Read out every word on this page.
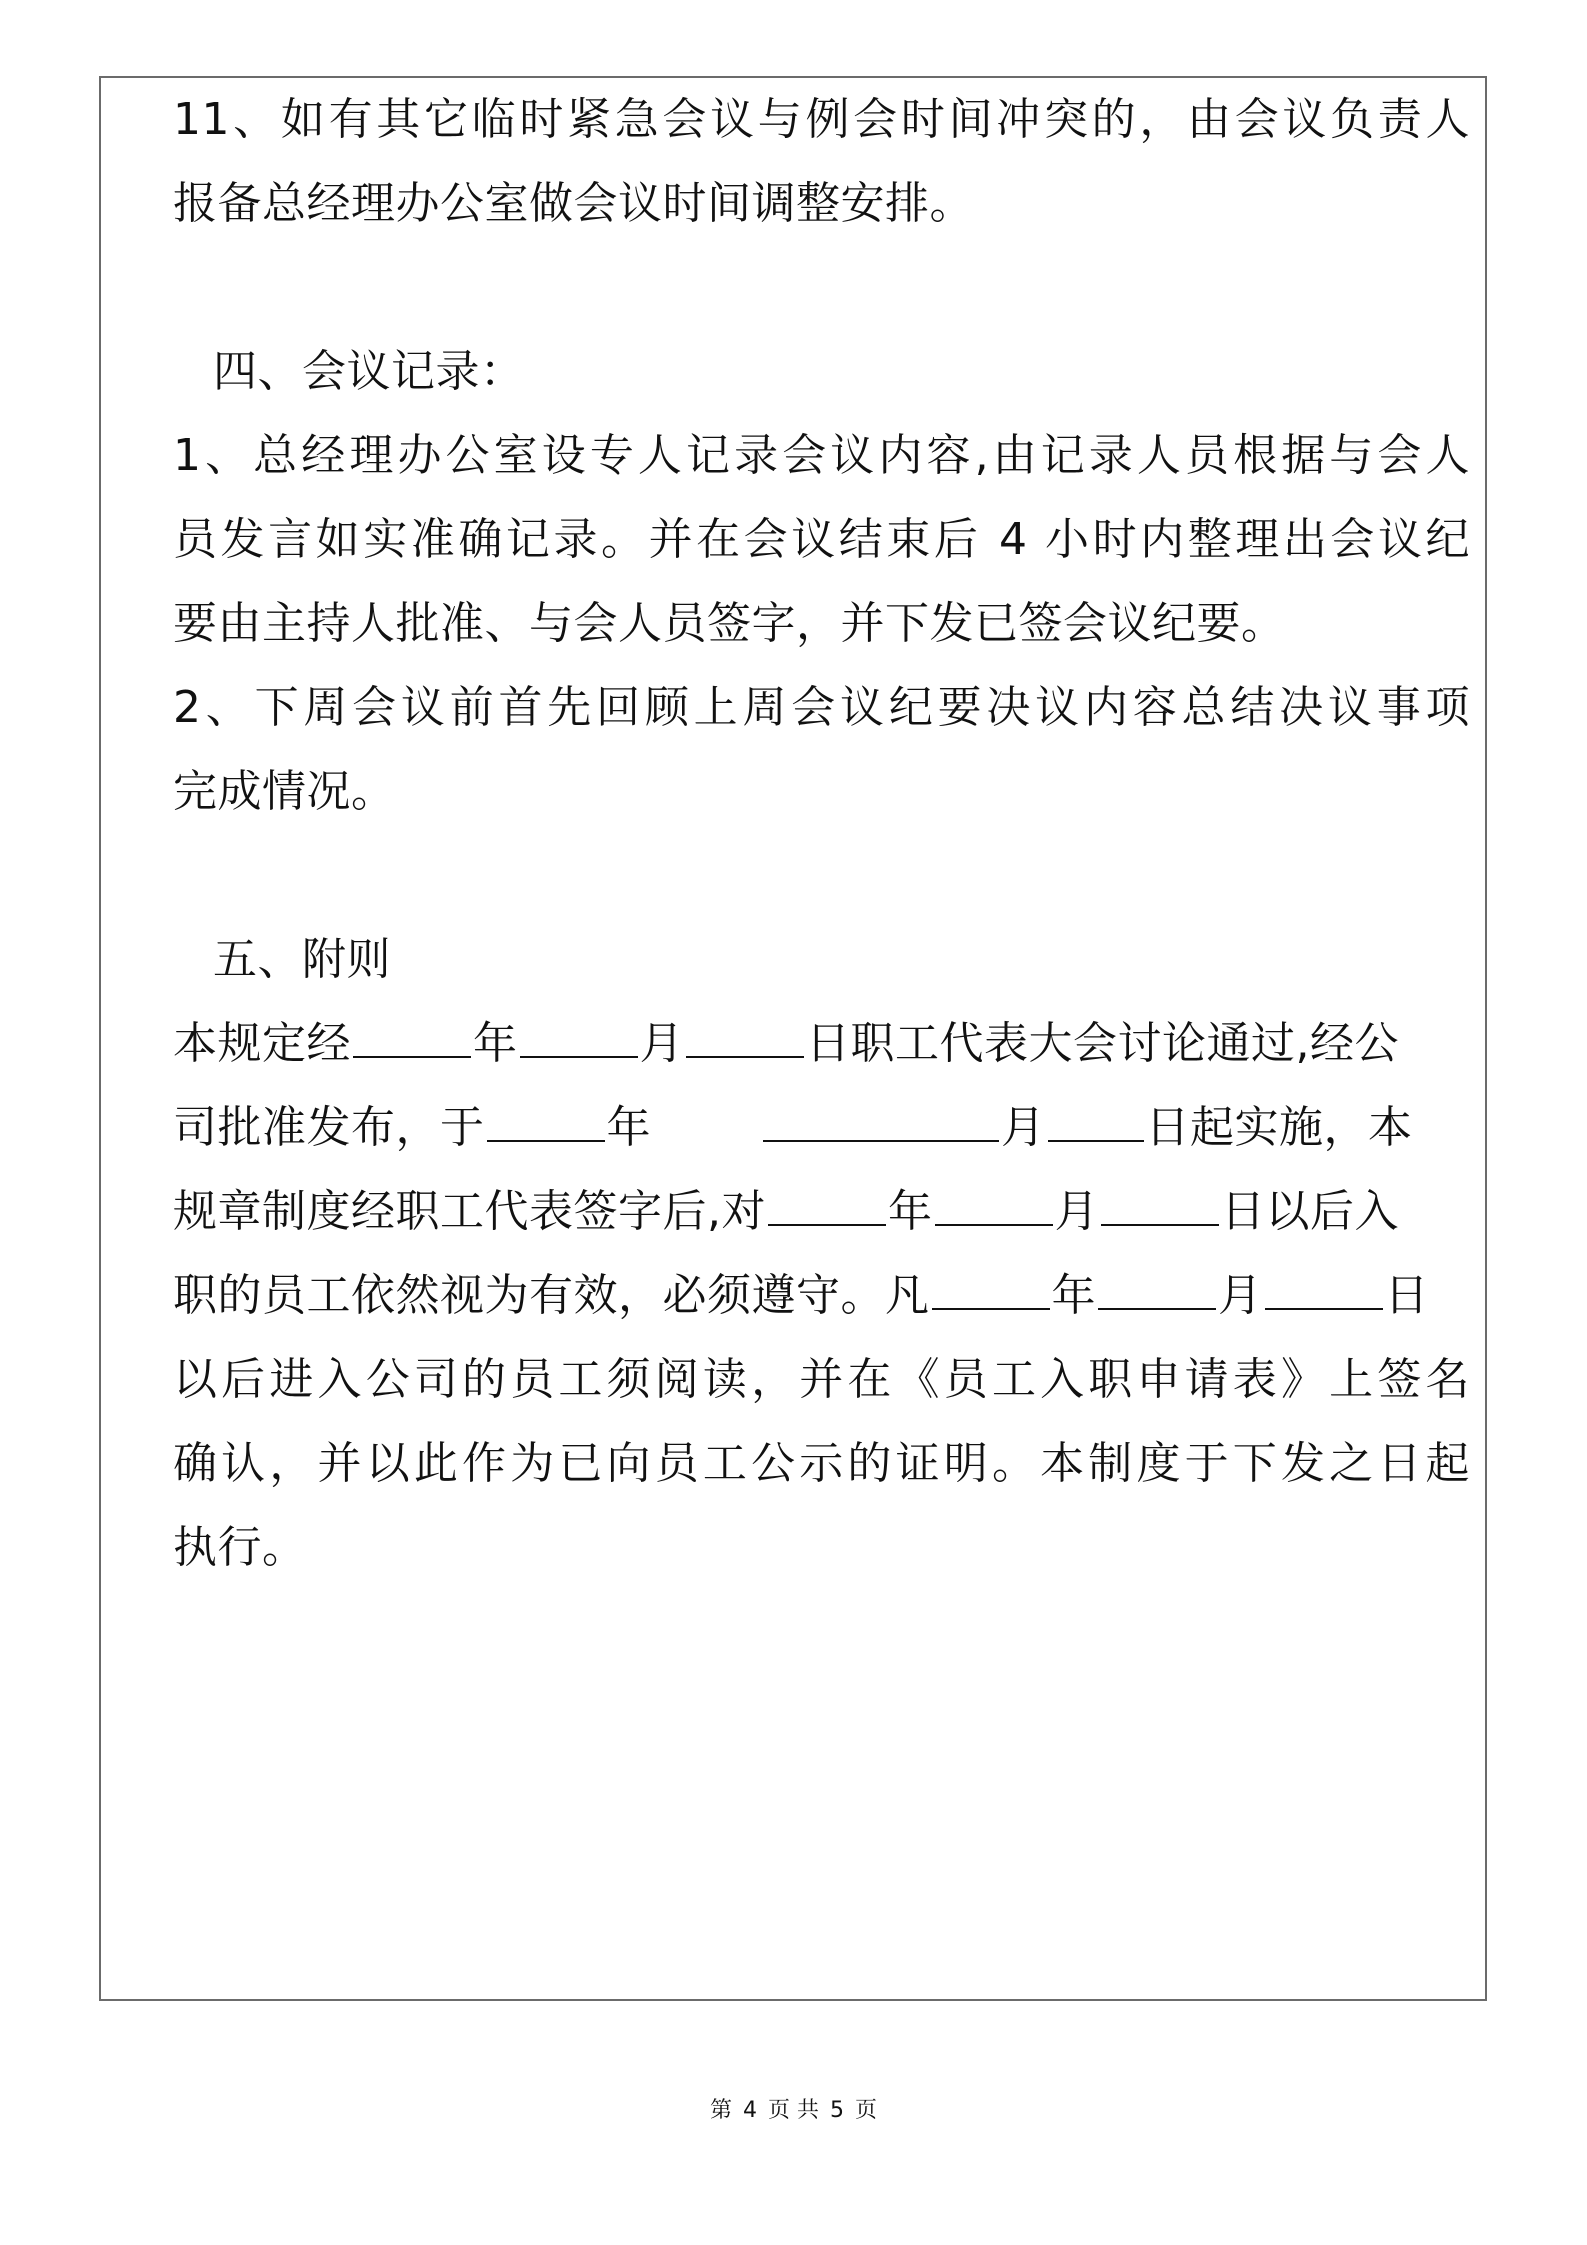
11、如有其它临时紧急会议与例会时间冲突的，由会议负责人
报备总经理办公室做会议时间调整安排。
四、会议记录：
1、总经理办公室设专人记录会议内容,由记录人员根据与会人
员发言如实准确记录。并在会议结束后 4 小时内整理出会议纪
要由主持人批准、与会人员签字，并下发已签会议纪要。
2、下周会议前首先回顾上周会议纪要决议内容总结决议事项
完成情况。
五、附则
本规定经	年	月	日职工代表大会讨论通过,经公
司批准发布，于	年	月 日起实施，本
规章制度经职工代表签字后,对	年	月	日以后入
职的员工依然视为有效，必须遵守。凡	年	月	日
以后进入公司的员工须阅读，并在《员工入职申请表》上签名
确认，并以此作为已向员工公示的证明。本制度于下发之日起
执行。
第 4 页 共 5 页
